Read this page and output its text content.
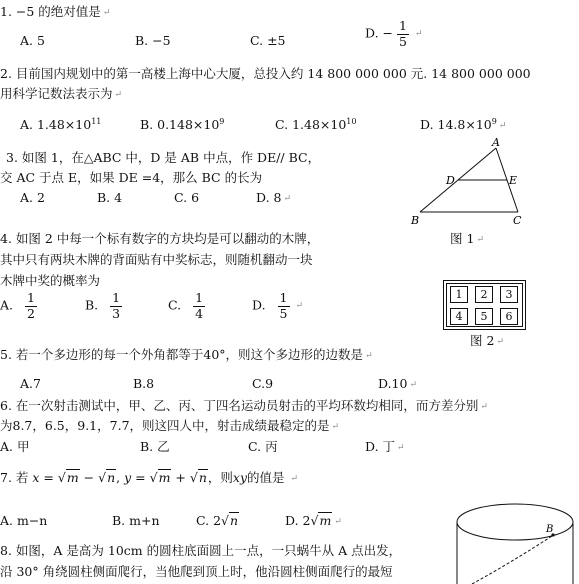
1. −5 的绝对值是 ↵
A. 5	B. −5	C. ±5	D. − $\frac{1}{5}$ ↵
2. 目前国内规划中的第一高楼上海中心大厦，总投入约 14 800 000 000 元. 14 800 000 000
用科学记数法表示为 ↵
A. $1.48\times 10^{11}$	B. $0.148\times 10^9$	C. $1.48\times 10^{10}$	D. $14.8\times 10^9$ ↵
3. 如图 1，在△ABC 中，D 是 AB 中点，作 DE// BC，
交 AC 于点 E，如果 DE =4，那么 BC 的长为
A. 2	B. 4	C. 6	D. 8 ↵
A
D	E
B	C
图 1 ↵
4. 如图 2 中每一个标有数字的方块均是可以翻动的木牌，
其中只有两块木牌的背面贴有中奖标志，则随机翻动一块
木牌中奖的概率为
A. $\frac{1}{2}$	B. $\frac{1}{3}$	C. $\frac{1}{4}$	D. $\frac{1}{5}$ ↵
1	2	3
4	5	6
图 2 ↵
5. 若一个多边形的每一个外角都等于40°，则这个多边形的边数是 ↵
A.7	B.8	C.9	D.10 ↵
6. 在一次射击测试中，甲、乙、丙、丁四名运动员射击的平均环数均相同，而方差分别 ↵
为8.7，6.5，9.1，7.7，则这四人中，射击成绩最稳定的是 ↵
A. 甲	B. 乙	C. 丙	D. 丁 ↵
7. 若 x = √m − √n, y = √m + √n，则xy的值是 ↵
A. m−n	B. m+n	C. 2√n	D. 2√m ↵
8. 如图，A 是高为 10cm 的圆柱底面圆上一点，一只蜗牛从 A 点出发，
沿 30° 角绕圆柱侧面爬行，当他爬到顶上时，他沿圆柱侧面爬行的最短
B
